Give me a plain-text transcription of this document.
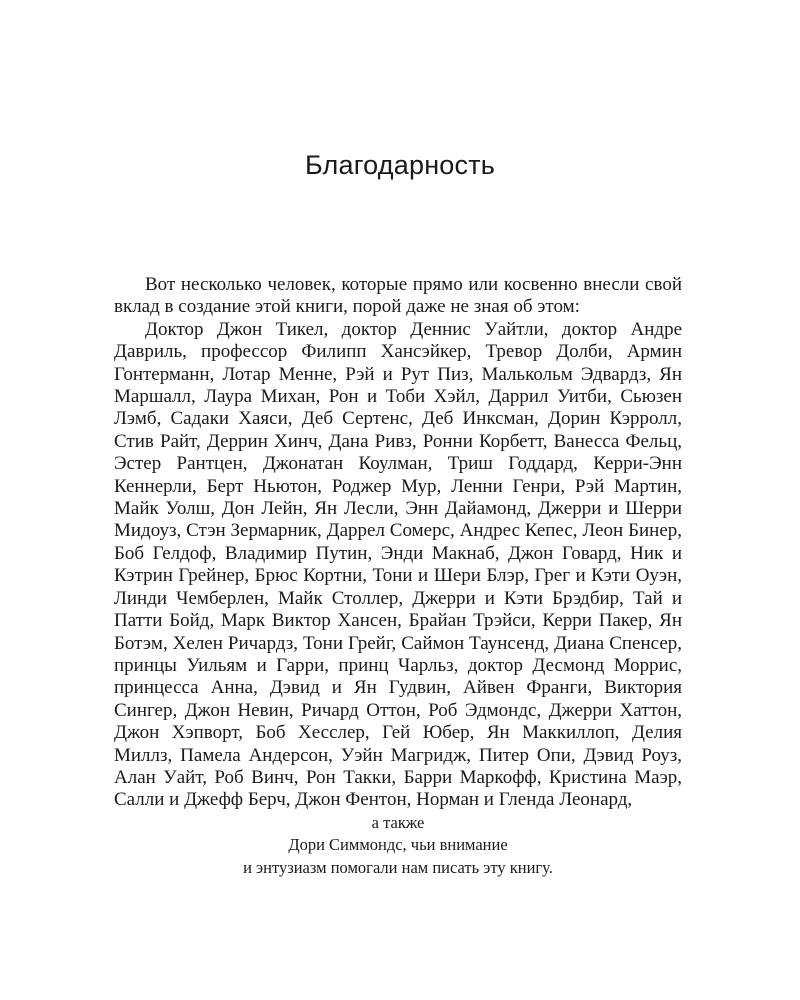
Благодарность

Вот несколько человек, которые прямо или косвенно внесли свой вклад в создание этой книги, порой даже не зная об этом:

Доктор Джон Тикел, доктор Деннис Уайтли, доктор Андре Давриль, профессор Филипп Хансэйкер, Тревор Долби, Армин Гонтерманн, Лотар Менне, Рэй и Рут Пиз, Малькольм Эдвардз, Ян Маршалл, Лаура Михан, Рон и Тоби Хэйл, Даррил Уитби, Сьюзен Лэмб, Садаки Хаяси, Деб Сертенс, Деб Инксман, Дорин Кэрролл, Стив Райт, Деррин Хинч, Дана Ривз, Ронни Корбетт, Ванесса Фельц, Эстер Рантцен, Джонатан Коулман, Триш Годдард, Керри-Энн Кеннерли, Берт Ньютон, Роджер Мур, Ленни Генри, Рэй Мартин, Майк Уолш, Дон Лейн, Ян Лесли, Энн Дайамонд, Джерри и Шерри Мидоуз, Стэн Зермарник, Даррел Сомерс, Андрес Кепес, Леон Бинер, Боб Гелдоф, Владимир Путин, Энди Макнаб, Джон Говард, Ник и Кэтрин Грейнер, Брюс Кортни, Тони и Шери Блэр, Грег и Кэти Оуэн, Линди Чемберлен, Майк Столлер, Джерри и Кэти Брэдбир, Тай и Патти Бойд, Марк Виктор Хансен, Брайан Трэйси, Керри Пакер, Ян Ботэм, Хелен Ричардз, Тони Грейг, Саймон Таунсенд, Диана Спенсер, принцы Уильям и Гарри, принц Чарльз, доктор Десмонд Моррис, принцесса Анна, Дэвид и Ян Гудвин, Айвен Франги, Виктория Сингер, Джон Невин, Ричард Оттон, Роб Эдмондс, Джерри Хаттон, Джон Хэпворт, Боб Хесслер, Гей Юбер, Ян Маккиллоп, Делия Миллз, Памела Андерсон, Уэйн Магридж, Питер Опи, Дэвид Роуз, Алан Уайт, Роб Винч, Рон Такки, Барри Маркофф, Кристина Маэр, Салли и Джефф Берч, Джон Фентон, Норман и Гленда Леонард,

а также
Дори Симмондс, чьи внимание
и энтузиазм помогали нам писать эту книгу.
